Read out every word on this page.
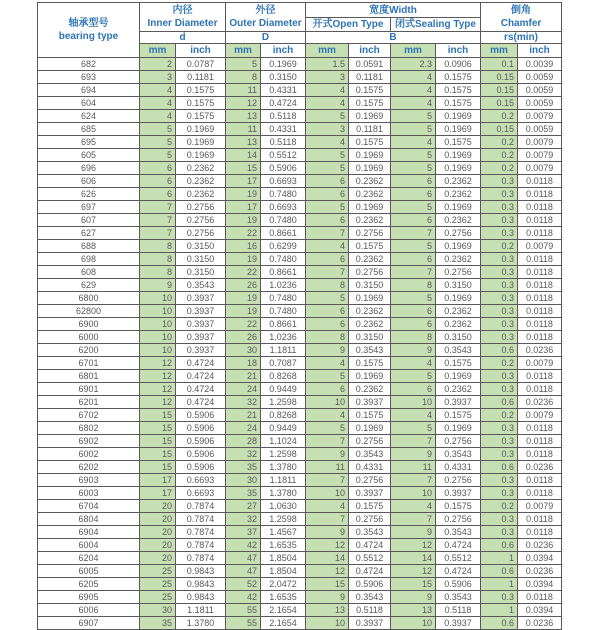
轴承型号
bearing type	内径
Inner Diameter		外径
Outer Diameter		宽度Width				倒角
Chamfer	

					开式Open Type		闭式Sealing Type			
	d		D		B				rs(min)	
	mm	inch	mm	inch	mm	inch	mm	inch	mm	inch
682	2	0.0787	5	0.1969	1.5	0.0591	2.3	0.0906	0.1	0.0039
693	3	0.1181	8	0.3150	3	0.1181	4	0.1575	0.15	0.0059
694	4	0.1575	11	0.4331	4	0.1575	4	0.1575	0.15	0.0059
604	4	0.1575	12	0.4724	4	0.1575	4	0.1575	0.15	0.0059
624	4	0.1575	13	0.5118	5	0.1969	5	0.1969	0.2	0.0079
685	5	0.1969	11	0.4331	3	0.1181	5	0.1969	0.15	0.0059
695	5	0.1969	13	0.5118	4	0.1575	4	0.1575	0.2	0.0079
605	5	0.1969	14	0.5512	5	0.1969	5	0.1969	0.2	0.0079
696	6	0.2362	15	0.5906	5	0.1969	5	0.1969	0.2	0.0079
606	6	0.2362	17	0.6693	6	0.2362	6	0.2362	0.3	0.0118
626	6	0.2362	19	0.7480	6	0.2362	6	0.2362	0.3	0.0118
697	7	0.2756	17	0.6693	5	0.1969	5	0.1969	0.3	0.0118
607	7	0.2756	19	0.7480	6	0.2362	6	0.2362	0.3	0.0118
627	7	0.2756	22	0.8661	7	0.2756	7	0.2756	0.3	0.0118
688	8	0.3150	16	0.6299	4	0.1575	5	0.1969	0.2	0.0079
698	8	0.3150	19	0.7480	6	0.2362	6	0.2362	0.3	0.0118
608	8	0.3150	22	0.8661	7	0.2756	7	0.2756	0.3	0.0118
629	9	0.3543	26	1.0236	8	0.3150	8	0.3150	0.3	0.0118
6800	10	0.3937	19	0.7480	5	0.1969	5	0.1969	0.3	0.0118
62800	10	0.3937	19	0.7480	6	0.2362	6	0.2362	0.3	0.0118
6900	10	0.3937	22	0.8661	6	0.2362	6	0.2362	0.3	0.0118
6000	10	0.3937	26	1.0236	8	0.3150	8	0.3150	0.3	0.0118
6200	10	0.3937	30	1.1811	9	0.3543	9	0.3543	0.6	0.0236
6701	12	0.4724	18	0.7087	4	0.1575	4	0.1575	0.2	0.0079
6801	12	0.4724	21	0.8268	5	0.1969	5	0.1969	0.3	0.0118
6901	12	0.4724	24	0.9449	6	0.2362	6	0.2362	0.3	0.0118
6201	12	0.4724	32	1.2598	10	0.3937	10	0.3937	0.6	0.0236
6702	15	0.5906	21	0.8268	4	0.1575	4	0.1575	0.2	0.0079
6802	15	0.5906	24	0.9449	5	0.1969	5	0.1969	0.3	0.0118
6902	15	0.5906	28	1.1024	7	0.2756	7	0.2756	0.3	0.0118
6002	15	0.5906	32	1.2598	9	0.3543	9	0.3543	0.3	0.0118
6202	15	0.5906	35	1.3780	11	0.4331	11	0.4331	0.6	0.0236
6903	17	0.6693	30	1.1811	7	0.2756	7	0.2756	0.3	0.0118
6003	17	0.6693	35	1.3780	10	0.3937	10	0.3937	0.3	0.0118
6704	20	0.7874	27	1.0630	4	0.1575	4	0.1575	0.2	0.0079
6804	20	0.7874	32	1.2598	7	0.2756	7	0.2756	0.3	0.0118
6904	20	0.7874	37	1.4567	9	0.3543	9	0.3543	0.3	0.0118
6004	20	0.7874	42	1.6535	12	0.4724	12	0.4724	0.6	0.0236
6204	20	0.7874	47	1.8504	14	0.5512	14	0.5512	1	0.0394
6005	25	0.9843	47	1.8504	12	0.4724	12	0.4724	0.6	0.0236
6205	25	0.9843	52	2.0472	15	0.5906	15	0.5906	1	0.0394
6905	25	0.9843	42	1.6535	9	0.3543	9	0.3543	0.3	0.0118
6006	30	1.1811	55	2.1654	13	0.5118	13	0.5118	1	0.0394
6907	35	1.3780	55	2.1654	10	0.3937	10	0.3937	0.6	0.0236
